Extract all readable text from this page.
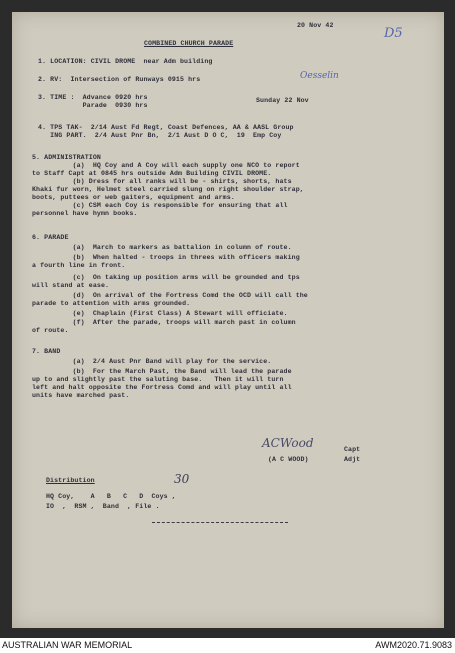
20 Nov 42
D5
COMBINED CHURCH PARADE
1. LOCATION: CIVIL DROME  near Adm building
2. RV:  Intersection of Runways 0915 hrs	Oesselin
3. TIME :  Advance 0920 hrs
Parade  0930 hrs
Sunday 22 Nov
4. TPS TAK-  2/14 Aust Fd Regt, Coast Defences, AA & AASL Group
ING PART.  2/4 Aust Pnr Bn,  2/1 Aust D O C,  19  Emp Coy
5. ADMINISTRATION
(a)  HQ Coy and A Coy will each supply one NCO to report
to Staff Capt at 0845 hrs outside Adm Building CIVIL DROME.
(b) Dress for all ranks will be - shirts, shorts, hats
Khaki fur worn, Helmet steel carried slung on right shoulder strap,
boots, puttees or web gaiters, equipment and arms.
(c) CSM each Coy is responsible for ensuring that all
personnel have hymn books.
6. PARADE
(a)  March to markers as battalion in column of route.
(b)  When halted - troops in threes with officers making
a fourth line in front.
(c)  On taking up position arms will be grounded and tps
will stand at ease.
(d)  On arrival of the Fortress Comd the OCD will call the
parade to attention with arms grounded.
(e)  Chaplain (First Class) A Stewart will officiate.
(f)  After the parade, troops will march past in column
of route.
7. BAND
(a)  2/4 Aust Pnr Band will play for the service.
(b)  For the March Past, the Band will lead the parade
up to and slightly past the saluting base.   Then it will turn
left and halt opposite the Fortress Comd and will play until all
units have marched past.
ACWood
(A C WOOD)
Capt
Adjt
Distribution	30
HQ Coy,    A   B   C   D  Coys ,
IO  ,  RSM ,  Band  , File .
AUSTRALIAN WAR MEMORIAL	AWM2020.71.9083
